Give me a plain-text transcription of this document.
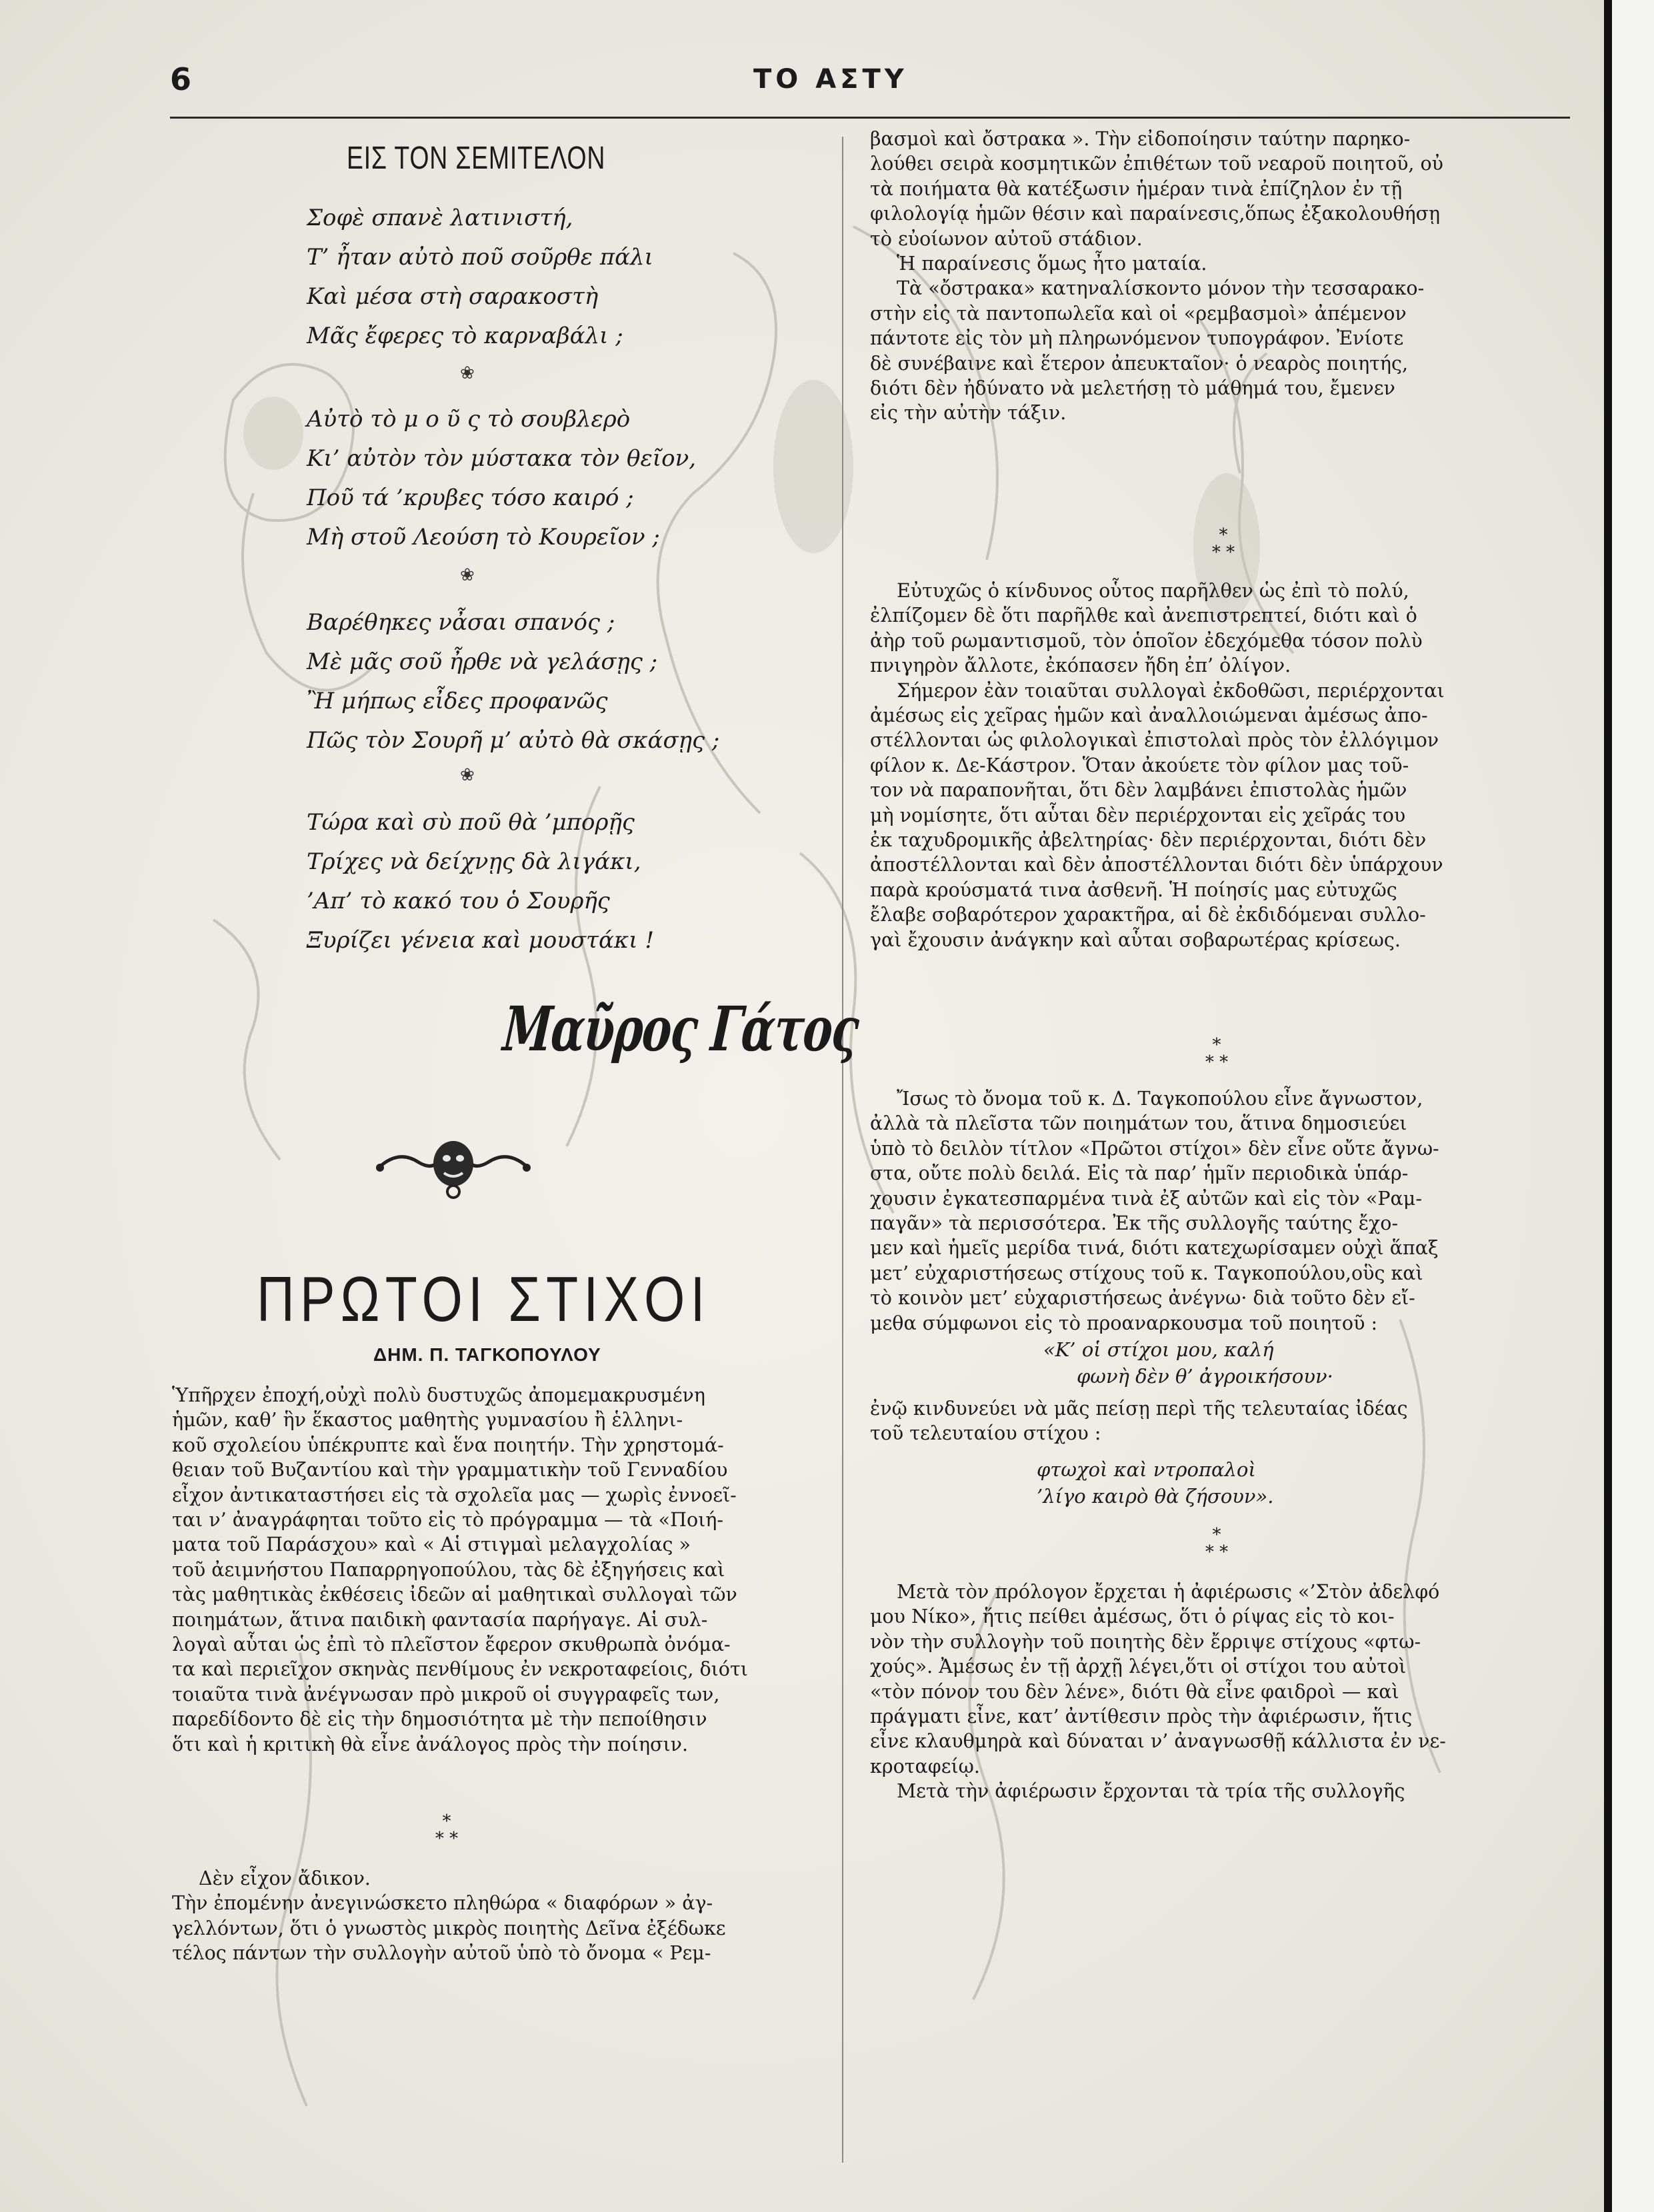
6	ΤΟ ΑΣΤΥ
ΕΙΣ ΤΟΝ ΣΕΜΙΤΕΛΟΝ
Σοφὲ σπανὲ λατινιστή,
Τ’ ἦταν αὐτὸ ποῦ σοῦρθε πάλι
Καὶ μέσα στὴ σαρακοστὴ
Μᾶς ἔφερες τὸ καρναβάλι ;
❀
Αὐτὸ τὸ μ ο ῦ ς τὸ σουβλερὸ
Κι’ αὐτὸν τὸν μύστακα τὸν θεῖον,
Ποῦ τά ’κρυβες τόσο καιρό ;
Μὴ στοῦ Λεούση τὸ Κουρεῖον ;
❀
Βαρέθηκες νἆσαι σπανός ;
Μὲ μᾶς σοῦ ἦρθε νὰ γελάσῃς ;
Ἢ μήπως εἶδες προφανῶς
Πῶς τὸν Σουρῆ μ’ αὐτὸ θὰ σκάσῃς ;
❀
Τώρα καὶ σὺ ποῦ θὰ ’μπορῇς
Τρίχες νὰ δείχνῃς δὰ λιγάκι,
’Απ’ τὸ κακό του ὁ Σουρῆς
Ξυρίζει γένεια καὶ μουστάκι !
Μαῦρος Γάτος
ΠΡΩΤΟΙ ΣΤΙΧΟΙ
ΔΗΜ. Π. ΤΑΓΚΟΠΟΥΛΟΥ
Ὑπῆρχεν ἐποχή,οὐχὶ πολὺ δυστυχῶς ἀπομεμακρυσμένη
ἡμῶν, καθ’ ἣν ἕκαστος μαθητὴς γυμνασίου ἢ ἑλληνι-
κοῦ σχολείου ὑπέκρυπτε καὶ ἕνα ποιητήν. Τὴν χρηστομά-
θειαν τοῦ Βυζαντίου καὶ τὴν γραμματικὴν τοῦ Γενναδίου
εἶχον ἀντικαταστήσει εἰς τὰ σχολεῖα μας — χωρὶς ἐννοεῖ-
ται ν’ ἀναγράφηται τοῦτο εἰς τὸ πρόγραμμα — τὰ «Ποιή-
ματα τοῦ Παράσχου» καὶ « Αἱ στιγμαὶ μελαγχολίας »
τοῦ ἀειμνήστου Παπαρρηγοπούλου, τὰς δὲ ἐξηγήσεις καὶ
τὰς μαθητικὰς ἐκθέσεις ἰδεῶν αἱ μαθητικαὶ συλλογαὶ τῶν
ποιημάτων, ἅτινα παιδικὴ φαντασία παρήγαγε. Αἱ συλ-
λογαὶ αὗται ὡς ἐπὶ τὸ πλεῖστον ἔφερον σκυθρωπὰ ὀνόμα-
τα καὶ περιεῖχον σκηνὰς πενθίμους ἐν νεκροταφείοις, διότι
τοιαῦτα τινὰ ἀνέγνωσαν πρὸ μικροῦ οἱ συγγραφεῖς των,
παρεδίδοντο δὲ εἰς τὴν δημοσιότητα μὲ τὴν πεποίθησιν
ὅτι καὶ ἡ κριτικὴ θὰ εἶνε ἀνάλογος πρὸς τὴν ποίησιν.
*
* *
Δὲν εἶχον ἄδικον.
Τὴν ἐπομένην ἀνεγινώσκετο πληθώρα « διαφόρων » ἀγ-
γελλόντων, ὅτι ὁ γνωστὸς μικρὸς ποιητὴς Δεῖνα ἐξέδωκε
τέλος πάντων τὴν συλλογὴν αὐτοῦ ὑπὸ τὸ ὄνομα « Ρεμ-
βασμοὶ καὶ ὄστρακα ». Τὴν εἰδοποίησιν ταύτην παρηκο-
λούθει σειρὰ κοσμητικῶν ἐπιθέτων τοῦ νεαροῦ ποιητοῦ, οὐ
τὰ ποιήματα θὰ κατέξωσιν ἡμέραν τινὰ ἐπίζηλον ἐν τῇ
φιλολογίᾳ ἡμῶν θέσιν καὶ παραίνεσις,ὅπως ἐξακολουθήσῃ
τὸ εὐοίωνον αὐτοῦ στάδιον.
Ἡ παραίνεσις ὅμως ἦτο ματαία.
Τὰ «ὄστρακα» κατηναλίσκοντο μόνον τὴν τεσσαρακο-
στὴν εἰς τὰ παντοπωλεῖα καὶ οἱ «ρεμβασμοὶ» ἀπέμενον
πάντοτε εἰς τὸν μὴ πληρωνόμενον τυπογράφον. Ἐνίοτε
δὲ συνέβαινε καὶ ἕτερον ἀπευκταῖον· ὁ νεαρὸς ποιητής,
διότι δὲν ἠδύνατο νὰ μελετήσῃ τὸ μάθημά του, ἔμενεν
εἰς τὴν αὐτὴν τάξιν.
*
* *
Εὐτυχῶς ὁ κίνδυνος οὗτος παρῆλθεν ὡς ἐπὶ τὸ πολύ,
ἐλπίζομεν δὲ ὅτι παρῆλθε καὶ ἀνεπιστρεπτεί, διότι καὶ ὁ
ἀὴρ τοῦ ρωμαντισμοῦ, τὸν ὁποῖον ἐδεχόμεθα τόσον πολὺ
πνιγηρὸν ἄλλοτε, ἐκόπασεν ἤδη ἐπ’ ὀλίγον.
Σήμερον ἐὰν τοιαῦται συλλογαὶ ἐκδοθῶσι, περιέρχονται
ἀμέσως εἰς χεῖρας ἡμῶν καὶ ἀναλλοιώμεναι ἀμέσως ἀπο-
στέλλονται ὡς φιλολογικαὶ ἐπιστολαὶ πρὸς τὸν ἐλλόγιμον
φίλον κ. Δε-Κάστρον. Ὅταν ἀκούετε τὸν φίλον μας τοῦ-
τον νὰ παραπονῆται, ὅτι δὲν λαμβάνει ἐπιστολὰς ἡμῶν
μὴ νομίσητε, ὅτι αὗται δὲν περιέρχονται εἰς χεῖράς του
ἐκ ταχυδρομικῆς ἀβελτηρίας· δὲν περιέρχονται, διότι δὲν
ἀποστέλλονται καὶ δὲν ἀποστέλλονται διότι δὲν ὑπάρχουν
παρὰ κρούσματά τινα ἀσθενῆ. Ἡ ποίησίς μας εὐτυχῶς
ἔλαβε σοβαρότερον χαρακτῆρα, αἱ δὲ ἐκδιδόμεναι συλλο-
γαὶ ἔχουσιν ἀνάγκην καὶ αὗται σοβαρωτέρας κρίσεως.
*
* *
Ἴσως τὸ ὄνομα τοῦ κ. Δ. Ταγκοπούλου εἶνε ἄγνωστον,
ἀλλὰ τὰ πλεῖστα τῶν ποιημάτων του, ἅτινα δημοσιεύει
ὑπὸ τὸ δειλὸν τίτλον «Πρῶτοι στίχοι» δὲν εἶνε οὔτε ἄγνω-
στα, οὔτε πολὺ δειλά. Εἰς τὰ παρ’ ἡμῖν περιοδικὰ ὑπάρ-
χουσιν ἐγκατεσπαρμένα τινὰ ἐξ αὐτῶν καὶ εἰς τὸν «Ραμ-
παγᾶν» τὰ περισσότερα. Ἐκ τῆς συλλογῆς ταύτης ἔχο-
μεν καὶ ἡμεῖς μερίδα τινά, διότι κατεχωρίσαμεν οὐχὶ ἅπαξ
μετ’ εὐχαριστήσεως στίχους τοῦ κ. Ταγκοπούλου,οὓς καὶ
τὸ κοινὸν μετ’ εὐχαριστήσεως ἀνέγνω· διὰ τοῦτο δὲν εἴ-
μεθα σύμφωνοι εἰς τὸ προαναρκουσμα τοῦ ποιητοῦ :
«Κ’ οἱ στίχοι μου, καλή
φωνὴ δὲν θ’ ἀγροικήσουν·
ἐνῷ κινδυνεύει νὰ μᾶς πείσῃ περὶ τῆς τελευταίας ἰδέας
τοῦ τελευταίου στίχου :
φτωχοὶ καὶ ντροπαλοὶ
’λίγο καιρὸ θὰ ζήσουν».
*
* *
Μετὰ τὸν πρόλογον ἔρχεται ἡ ἀφιέρωσις «’Στὸν ἀδελφό
μου Νίκο», ἥτις πείθει ἀμέσως, ὅτι ὁ ρίψας εἰς τὸ κοι-
νὸν τὴν συλλογὴν τοῦ ποιητὴς δὲν ἔρριψε στίχους «φτω-
χούς». Ἀμέσως ἐν τῇ ἀρχῇ λέγει,ὅτι οἱ στίχοι του αὐτοὶ
«τὸν πόνον του δὲν λένε», διότι θὰ εἶνε φαιδροὶ — καὶ
πράγματι εἶνε, κατ’ ἀντίθεσιν πρὸς τὴν ἀφιέρωσιν, ἥτις
εἶνε κλαυθμηρὰ καὶ δύναται ν’ ἀναγνωσθῇ κάλλιστα ἐν νε-
κροταφείῳ.
Μετὰ τὴν ἀφιέρωσιν ἔρχονται τὰ τρία τῆς συλλογῆς
